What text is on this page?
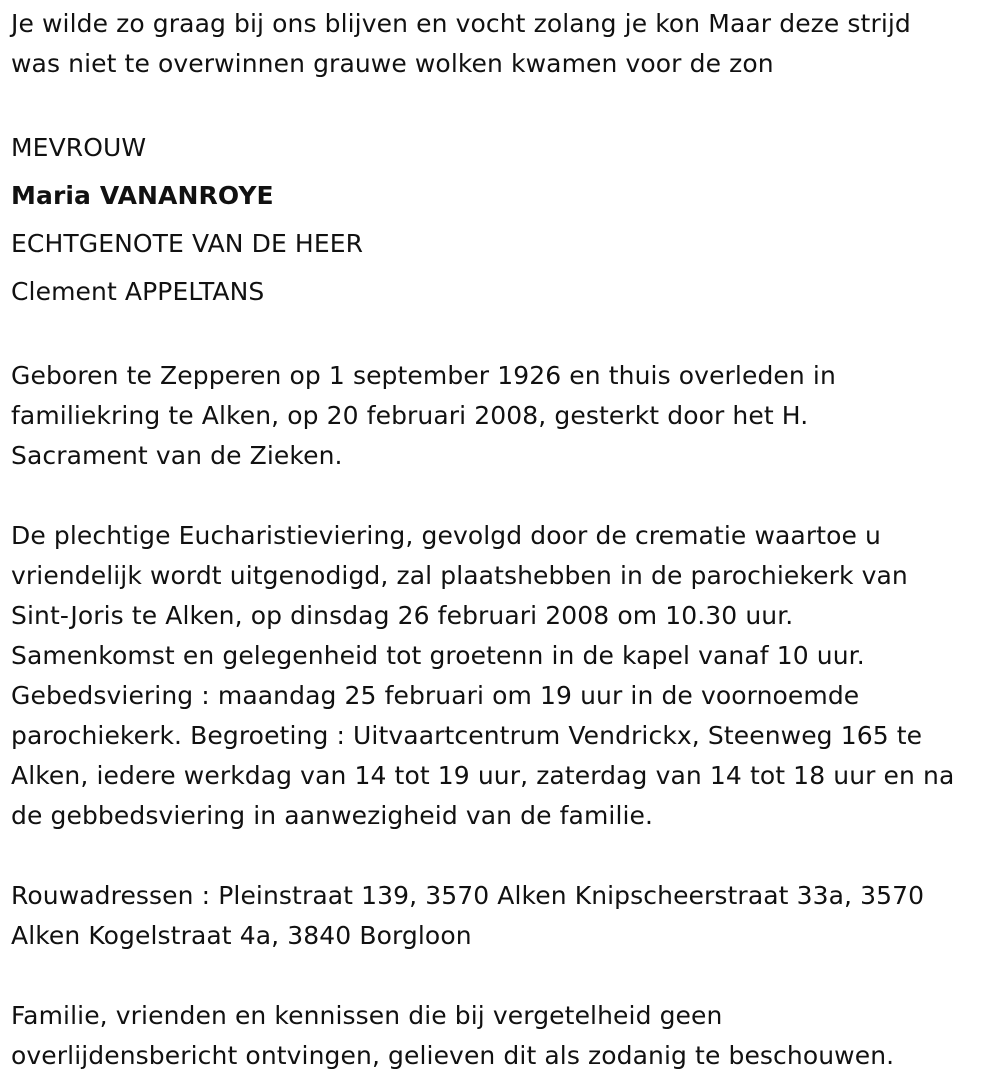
Je wilde zo graag bij ons blijven en vocht zolang je kon Maar deze strijd
was niet te overwinnen grauwe wolken kwamen voor de zon
MEVROUW
Maria VANANROYE
ECHTGENOTE VAN DE HEER
Clement APPELTANS
Geboren te Zepperen op 1 september 1926 en thuis overleden in
familiekring te Alken, op 20 februari 2008, gesterkt door het H.
Sacrament van de Zieken.
De plechtige Eucharistieviering, gevolgd door de crematie waartoe u
vriendelijk wordt uitgenodigd, zal plaatshebben in de parochiekerk van
Sint-Joris te Alken, op dinsdag 26 februari 2008 om 10.30 uur.
Samenkomst en gelegenheid tot groetenn in de kapel vanaf 10 uur.
Gebedsviering : maandag 25 februari om 19 uur in de voornoemde
parochiekerk. Begroeting : Uitvaartcentrum Vendrickx, Steenweg 165 te
Alken, iedere werkdag van 14 tot 19 uur, zaterdag van 14 tot 18 uur en na
de gebbedsviering in aanwezigheid van de familie.
Rouwadressen : Pleinstraat 139, 3570 Alken Knipscheerstraat 33a, 3570
Alken Kogelstraat 4a, 3840 Borgloon
Familie, vrienden en kennissen die bij vergetelheid geen
overlijdensbericht ontvingen, gelieven dit als zodanig te beschouwen.
